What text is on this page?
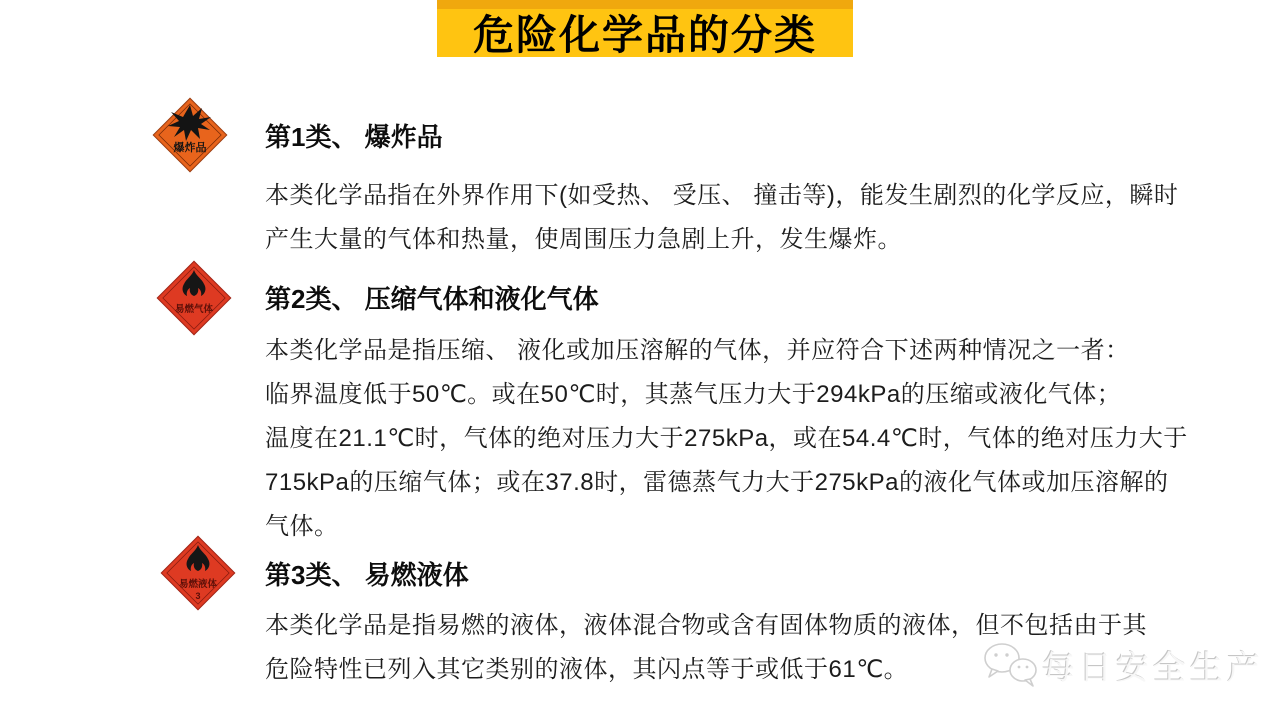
危险化学品的分类
爆炸品 第1类、 爆炸品
本类化学品指在外界作用下(如受热、 受压、 撞击等)，能发生剧烈的化学反应，瞬时
产生大量的气体和热量，使周围压力急剧上升，发生爆炸。
易燃气体 第2类、 压缩气体和液化气体
本类化学品是指压缩、 液化或加压溶解的气体，并应符合下述两种情况之一者：
临界温度低于50℃。或在50℃时，其蒸气压力大于294kPa的压缩或液化气体；
温度在21.1℃时，气体的绝对压力大于275kPa，或在54.4℃时，气体的绝对压力大于
715kPa的压缩气体；或在37.8时，雷德蒸气力大于275kPa的液化气体或加压溶解的
气体。
易燃液体
3
第3类、 易燃液体
本类化学品是指易燃的液体，液体混合物或含有固体物质的液体，但不包括由于其
危险特性已列入其它类别的液体，其闪点等于或低于61℃。	每日安全生产
